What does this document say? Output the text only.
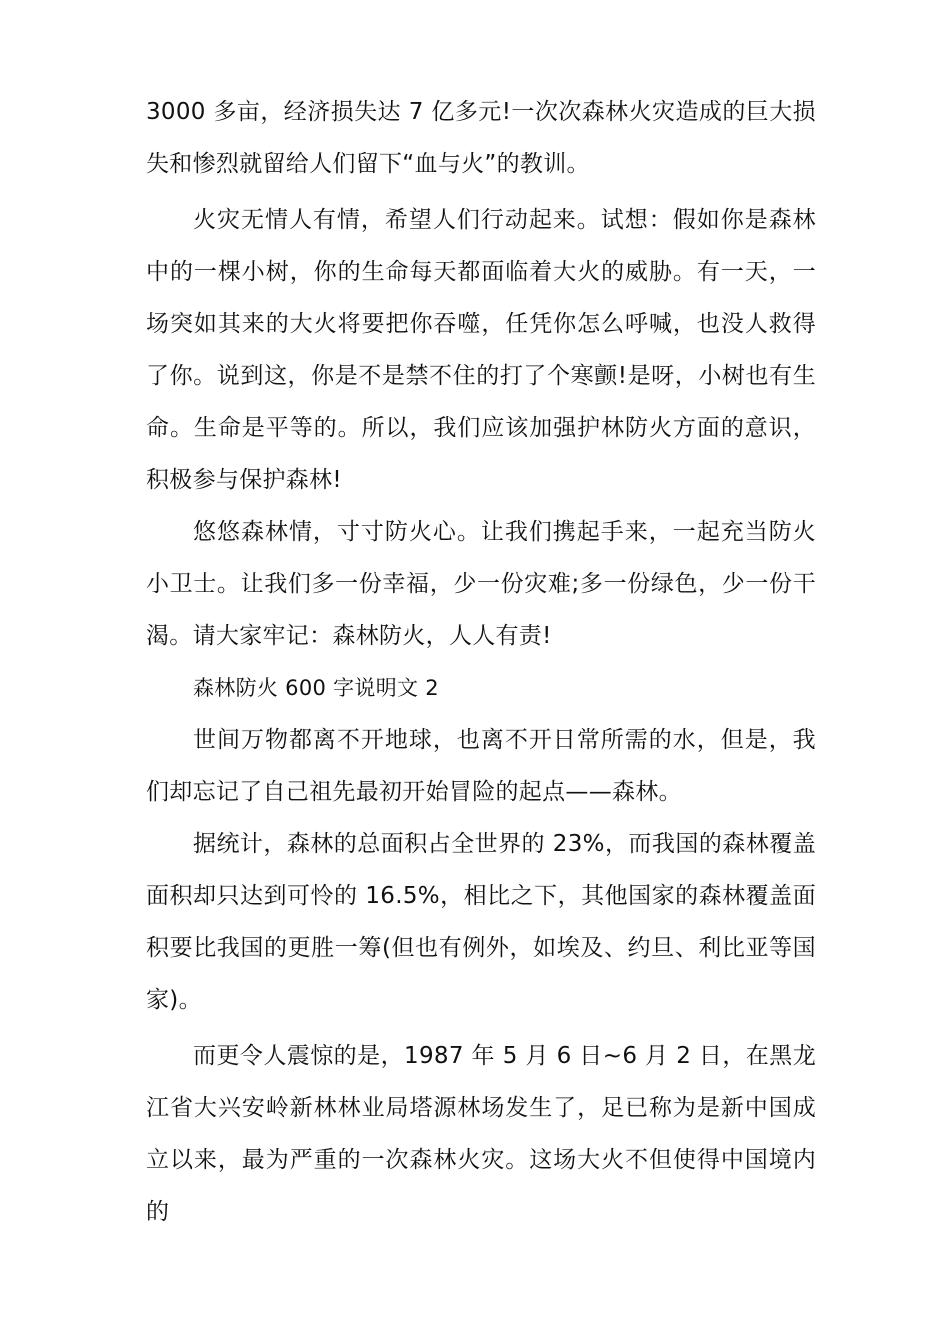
3000 多亩，经济损失达 7 亿多元!一次次森林火灾造成的巨大损失和惨烈就留给人们留下“血与火”的教训。

火灾无情人有情，希望人们行动起来。试想：假如你是森林中的一棵小树，你的生命每天都面临着大火的威胁。有一天，一场突如其来的大火将要把你吞噬，任凭你怎么呼喊，也没人救得了你。说到这，你是不是禁不住的打了个寒颤!是呀，小树也有生命。生命是平等的。所以，我们应该加强护林防火方面的意识，积极参与保护森林!

悠悠森林情，寸寸防火心。让我们携起手来，一起充当防火小卫士。让我们多一份幸福，少一份灾难;多一份绿色，少一份干渴。请大家牢记：森林防火，人人有责!

森林防火 600 字说明文 2

世间万物都离不开地球，也离不开日常所需的水，但是，我们却忘记了自己祖先最初开始冒险的起点——森林。

据统计，森林的总面积占全世界的 23%，而我国的森林覆盖面积却只达到可怜的 16.5%，相比之下，其他国家的森林覆盖面积要比我国的更胜一筹(但也有例外，如埃及、约旦、利比亚等国家)。

而更令人震惊的是，1987 年 5 月 6 日~6 月 2 日，在黑龙江省大兴安岭新林林业局塔源林场发生了，足已称为是新中国成立以来，最为严重的一次森林火灾。这场大火不但使得中国境内的
